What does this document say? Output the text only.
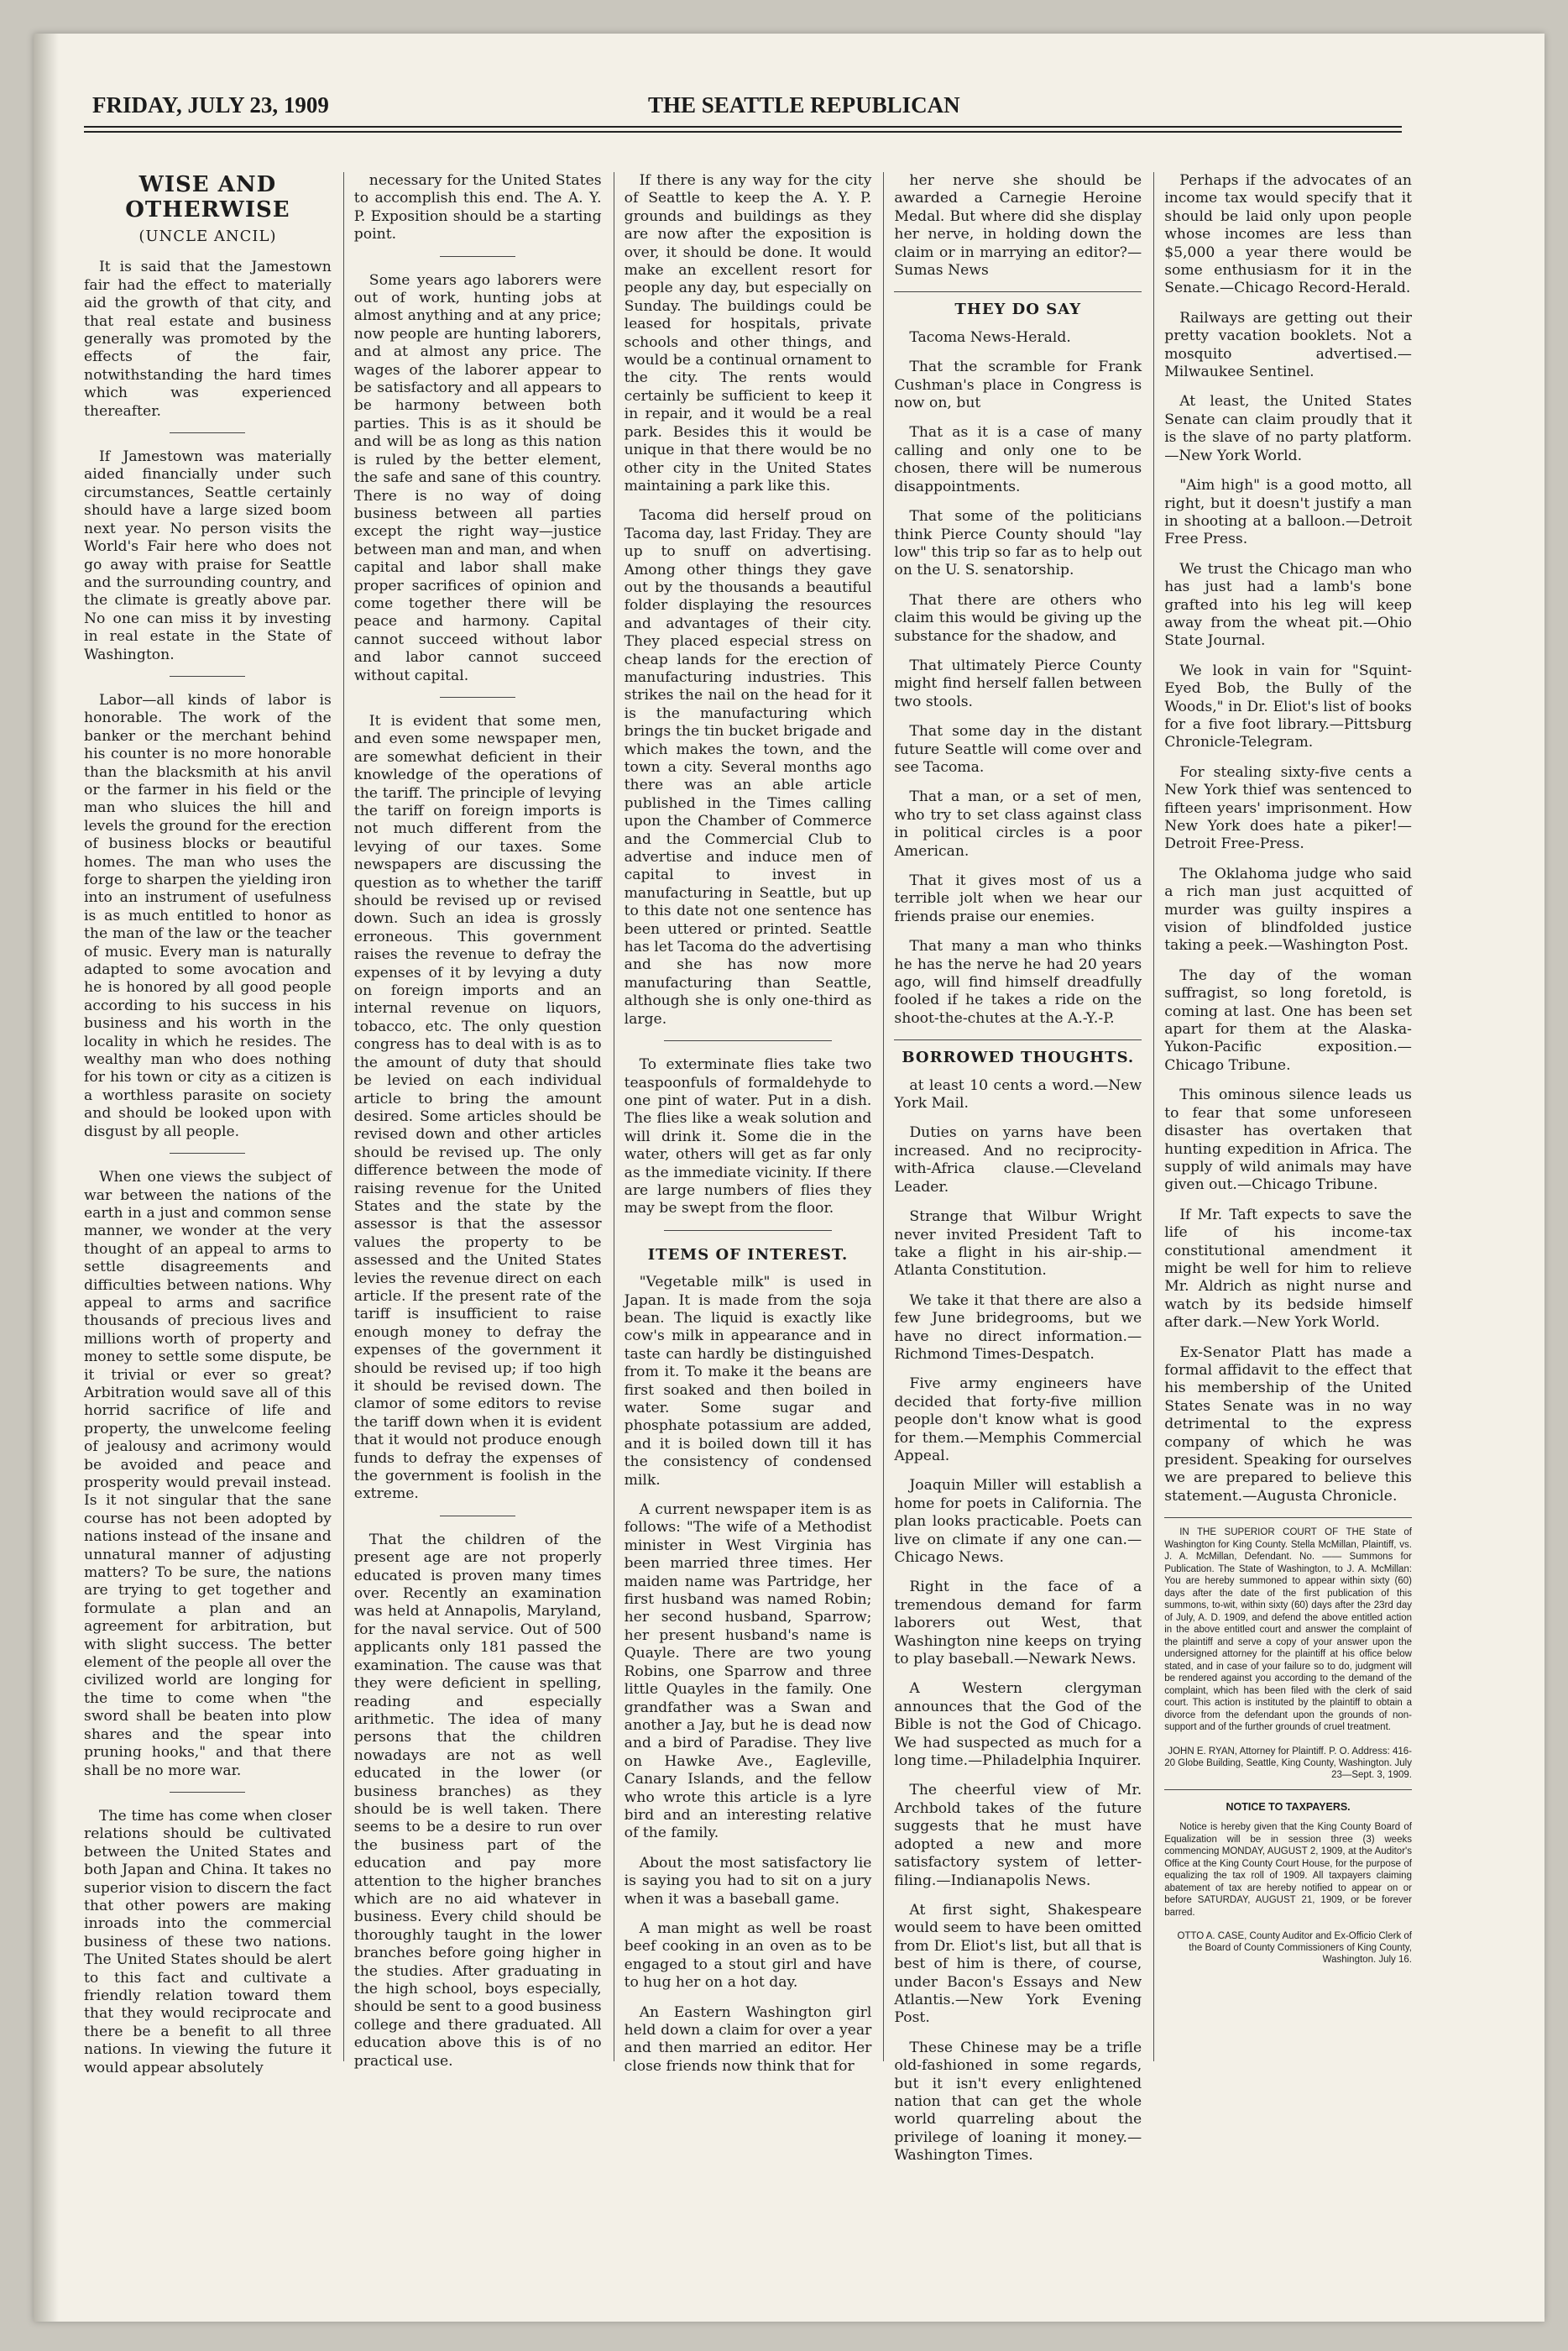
FRIDAY, JULY 23, 1909	THE SEATTLE REPUBLICAN
WISE AND OTHERWISE
(UNCLE ANCIL)

It is said that the Jamestown fair had the effect to materially aid the growth of that city, and that real estate and business generally was promoted by the effects of the fair, notwithstanding the hard times which was experienced thereafter.

If Jamestown was materially aided financially under such circumstances, Seattle certainly should have a large sized boom next year. No person visits the World's Fair here who does not go away with praise for Seattle and the surrounding country, and the climate is greatly above par. No one can miss it by investing in real estate in the State of Washington.

Labor—all kinds of labor is honorable. The work of the banker or the merchant behind his counter is no more honorable than the blacksmith at his anvil or the farmer in his field or the man who sluices the hill and levels the ground for the erection of business blocks or beautiful homes. The man who uses the forge to sharpen the yielding iron into an instrument of usefulness is as much entitled to honor as the man of the law or the teacher of music. Every man is naturally adapted to some avocation and he is honored by all good people according to his success in his business and his worth in the locality in which he resides. The wealthy man who does nothing for his town or city as a citizen is a worthless parasite on society and should be looked upon with disgust by all people.

When one views the subject of war between the nations of the earth in a just and common sense manner, we wonder at the very thought of an appeal to arms to settle disagreements and difficulties between nations. Why appeal to arms and sacrifice thousands of precious lives and millions worth of property and money to settle some dispute, be it trivial or ever so great? Arbitration would save all of this horrid sacrifice of life and property, the unwelcome feeling of jealousy and acrimony would be avoided and peace and prosperity would prevail instead. Is it not singular that the sane course has not been adopted by nations instead of the insane and unnatural manner of adjusting matters? To be sure, the nations are trying to get together and formulate a plan and an agreement for arbitration, but with slight success. The better element of the people all over the civilized world are longing for the time to come when "the sword shall be beaten into plow shares and the spear into pruning hooks," and that there shall be no more war.

The time has come when closer relations should be cultivated between the United States and both Japan and China. It takes no superior vision to discern the fact that other powers are making inroads into the commercial business of these two nations. The United States should be alert to this fact and cultivate a friendly relation toward them that they would reciprocate and there be a benefit to all three nations. In viewing the future it would appear absolutely

necessary for the United States to accomplish this end. The A. Y. P. Exposition should be a starting point.

Some years ago laborers were out of work, hunting jobs at almost anything and at any price; now people are hunting laborers, and at almost any price. The wages of the laborer appear to be satisfactory and all appears to be harmony between both parties. This is as it should be and will be as long as this nation is ruled by the better element, the safe and sane of this country. There is no way of doing business between all parties except the right way—justice between man and man, and when capital and labor shall make proper sacrifices of opinion and come together there will be peace and harmony. Capital cannot succeed without labor and labor cannot succeed without capital.

It is evident that some men, and even some newspaper men, are somewhat deficient in their knowledge of the operations of the tariff. The principle of levying the tariff on foreign imports is not much different from the levying of our taxes. Some newspapers are discussing the question as to whether the tariff should be revised up or revised down. Such an idea is grossly erroneous. This government raises the revenue to defray the expenses of it by levying a duty on foreign imports and an internal revenue on liquors, tobacco, etc. The only question congress has to deal with is as to the amount of duty that should be levied on each individual article to bring the amount desired. Some articles should be revised down and other articles should be revised up. The only difference between the mode of raising revenue for the United States and the state by the assessor is that the assessor values the property to be assessed and the United States levies the revenue direct on each article. If the present rate of the tariff is insufficient to raise enough money to defray the expenses of the government it should be revised up; if too high it should be revised down. The clamor of some editors to revise the tariff down when it is evident that it would not produce enough funds to defray the expenses of the government is foolish in the extreme.

That the children of the present age are not properly educated is proven many times over. Recently an examination was held at Annapolis, Maryland, for the naval service. Out of 500 applicants only 181 passed the examination. The cause was that they were deficient in spelling, reading and especially arithmetic. The idea of many persons that the children nowadays are not as well educated in the lower (or business branches) as they should be is well taken. There seems to be a desire to run over the business part of the education and pay more attention to the higher branches which are no aid whatever in business. Every child should be thoroughly taught in the lower branches before going higher in the studies. After graduating in the high school, boys especially, should be sent to a good business college and there graduated. All education above this is of no practical use.

If there is any way for the city of Seattle to keep the A. Y. P. grounds and buildings as they are now after the exposition is over, it should be done. It would make an excellent resort for people any day, but especially on Sunday. The buildings could be leased for hospitals, private schools and other things, and would be a continual ornament to the city. The rents would certainly be sufficient to keep it in repair, and it would be a real park. Besides this it would be unique in that there would be no other city in the United States maintaining a park like this.

Tacoma did herself proud on Tacoma day, last Friday. They are up to snuff on advertising. Among other things they gave out by the thousands a beautiful folder displaying the resources and advantages of their city. They placed especial stress on cheap lands for the erection of manufacturing industries. This strikes the nail on the head for it is the manufacturing which brings the tin bucket brigade and which makes the town, and the town a city. Several months ago there was an able article published in the Times calling upon the Chamber of Commerce and the Commercial Club to advertise and induce men of capital to invest in manufacturing in Seattle, but up to this date not one sentence has been uttered or printed. Seattle has let Tacoma do the advertising and she has now more manufacturing than Seattle, although she is only one-third as large.

To exterminate flies take two teaspoonfuls of formaldehyde to one pint of water. Put in a dish. The flies like a weak solution and will drink it. Some die in the water, others will get as far only as the immediate vicinity. If there are large numbers of flies they may be swept from the floor.

ITEMS OF INTEREST.

"Vegetable milk" is used in Japan. It is made from the soja bean. The liquid is exactly like cow's milk in appearance and in taste can hardly be distinguished from it. To make it the beans are first soaked and then boiled in water. Some sugar and phosphate potassium are added, and it is boiled down till it has the consistency of condensed milk.

A current newspaper item is as follows: "The wife of a Methodist minister in West Virginia has been married three times. Her maiden name was Partridge, her first husband was named Robin; her second husband, Sparrow; her present husband's name is Quayle. There are two young Robins, one Sparrow and three little Quayles in the family. One grandfather was a Swan and another a Jay, but he is dead now and a bird of Paradise. They live on Hawke Ave., Eagleville, Canary Islands, and the fellow who wrote this article is a lyre bird and an interesting relative of the family.

About the most satisfactory lie is saying you had to sit on a jury when it was a baseball game.

A man might as well be roast beef cooking in an oven as to be engaged to a stout girl and have to hug her on a hot day.

An Eastern Washington girl held down a claim for over a year and then married an editor. Her close friends now think that for

her nerve she should be awarded a Carnegie Heroine Medal. But where did she display her nerve, in holding down the claim or in marrying an editor?—Sumas News

THEY DO SAY

Tacoma News-Herald.

That the scramble for Frank Cushman's place in Congress is now on, but

That as it is a case of many calling and only one to be chosen, there will be numerous disappointments.

That some of the politicians think Pierce County should "lay low" this trip so far as to help out on the U. S. senatorship.

That there are others who claim this would be giving up the substance for the shadow, and

That ultimately Pierce County might find herself fallen between two stools.

That some day in the distant future Seattle will come over and see Tacoma.

That a man, or a set of men, who try to set class against class in political circles is a poor American.

That it gives most of us a terrible jolt when we hear our friends praise our enemies.

That many a man who thinks he has the nerve he had 20 years ago, will find himself dreadfully fooled if he takes a ride on the shoot-the-chutes at the A.-Y.-P.

BORROWED THOUGHTS.

at least 10 cents a word.—New York Mail.

Duties on yarns have been increased. And no reciprocity-with-Africa clause.—Cleveland Leader.

Strange that Wilbur Wright never invited President Taft to take a flight in his air-ship.—Atlanta Constitution.

We take it that there are also a few June bridegrooms, but we have no direct information.—Richmond Times-Despatch.

Five army engineers have decided that forty-five million people don't know what is good for them.—Memphis Commercial Appeal.

Joaquin Miller will establish a home for poets in California. The plan looks practicable. Poets can live on climate if any one can.—Chicago News.

Right in the face of a tremendous demand for farm laborers out West, that Washington nine keeps on trying to play baseball.—Newark News.

A Western clergyman announces that the God of the Bible is not the God of Chicago. We had suspected as much for a long time.—Philadelphia Inquirer.

The cheerful view of Mr. Archbold takes of the future suggests that he must have adopted a new and more satisfactory system of letter-filing.—Indianapolis News.

At first sight, Shakespeare would seem to have been omitted from Dr. Eliot's list, but all that is best of him is there, of course, under Bacon's Essays and New Atlantis.—New York Evening Post.

These Chinese may be a trifle old-fashioned in some regards, but it isn't every enlightened nation that can get the whole world quarreling about the privilege of loaning it money.—Washington Times.

Perhaps if the advocates of an income tax would specify that it should be laid only upon people whose incomes are less than $5,000 a year there would be some enthusiasm for it in the Senate.—Chicago Record-Herald.

Railways are getting out their pretty vacation booklets. Not a mosquito advertised.—Milwaukee Sentinel.

At least, the United States Senate can claim proudly that it is the slave of no party platform.—New York World.

"Aim high" is a good motto, all right, but it doesn't justify a man in shooting at a balloon.—Detroit Free Press.

We trust the Chicago man who has just had a lamb's bone grafted into his leg will keep away from the wheat pit.—Ohio State Journal.

We look in vain for "Squint-Eyed Bob, the Bully of the Woods," in Dr. Eliot's list of books for a five foot library.—Pittsburg Chronicle-Telegram.

For stealing sixty-five cents a New York thief was sentenced to fifteen years' imprisonment. How New York does hate a piker!—Detroit Free-Press.

The Oklahoma judge who said a rich man just acquitted of murder was guilty inspires a vision of blindfolded justice taking a peek.—Washington Post.

The day of the woman suffragist, so long foretold, is coming at last. One has been set apart for them at the Alaska-Yukon-Pacific exposition.—Chicago Tribune.

This ominous silence leads us to fear that some unforeseen disaster has overtaken that hunting expedition in Africa. The supply of wild animals may have given out.—Chicago Tribune.

If Mr. Taft expects to save the life of his income-tax constitutional amendment it might be well for him to relieve Mr. Aldrich as night nurse and watch by its bedside himself after dark.—New York World.

Ex-Senator Platt has made a formal affidavit to the effect that his membership of the United States Senate was in no way detrimental to the express company of which he was president. Speaking for ourselves we are prepared to believe this statement.—Augusta Chronicle.

IN THE SUPERIOR COURT OF THE State of Washington for King County. Stella McMillan, Plaintiff, vs. J. A. McMillan, Defendant. No. —— Summons for Publication. The State of Washington, to J. A. McMillan: You are hereby summoned to appear within sixty (60) days after the date of the first publication of this summons, to-wit, within sixty (60) days after the 23rd day of July, A. D. 1909, and defend the above entitled action in the above entitled court and answer the complaint of the plaintiff and serve a copy of your answer upon the undersigned attorney for the plaintiff at his office below stated, and in case of your failure so to do, judgment will be rendered against you according to the demand of the complaint, which has been filed with the clerk of said court. This action is instituted by the plaintiff to obtain a divorce from the defendant upon the grounds of non-support and of the further grounds of cruel treatment.

JOHN E. RYAN, Attorney for Plaintiff. P. O. Address: 416-20 Globe Building, Seattle, King County, Washington. July 23—Sept. 3, 1909.
NOTICE TO TAXPAYERS.

Notice is hereby given that the King County Board of Equalization will be in session three (3) weeks commencing MONDAY, AUGUST 2, 1909, at the Auditor's Office at the King County Court House, for the purpose of equalizing the tax roll of 1909. All taxpayers claiming abatement of tax are hereby notified to appear on or before SATURDAY, AUGUST 21, 1909, or be forever barred.

OTTO A. CASE, County Auditor and Ex-Officio Clerk of the Board of County Commissioners of King County, Washington. July 16.
